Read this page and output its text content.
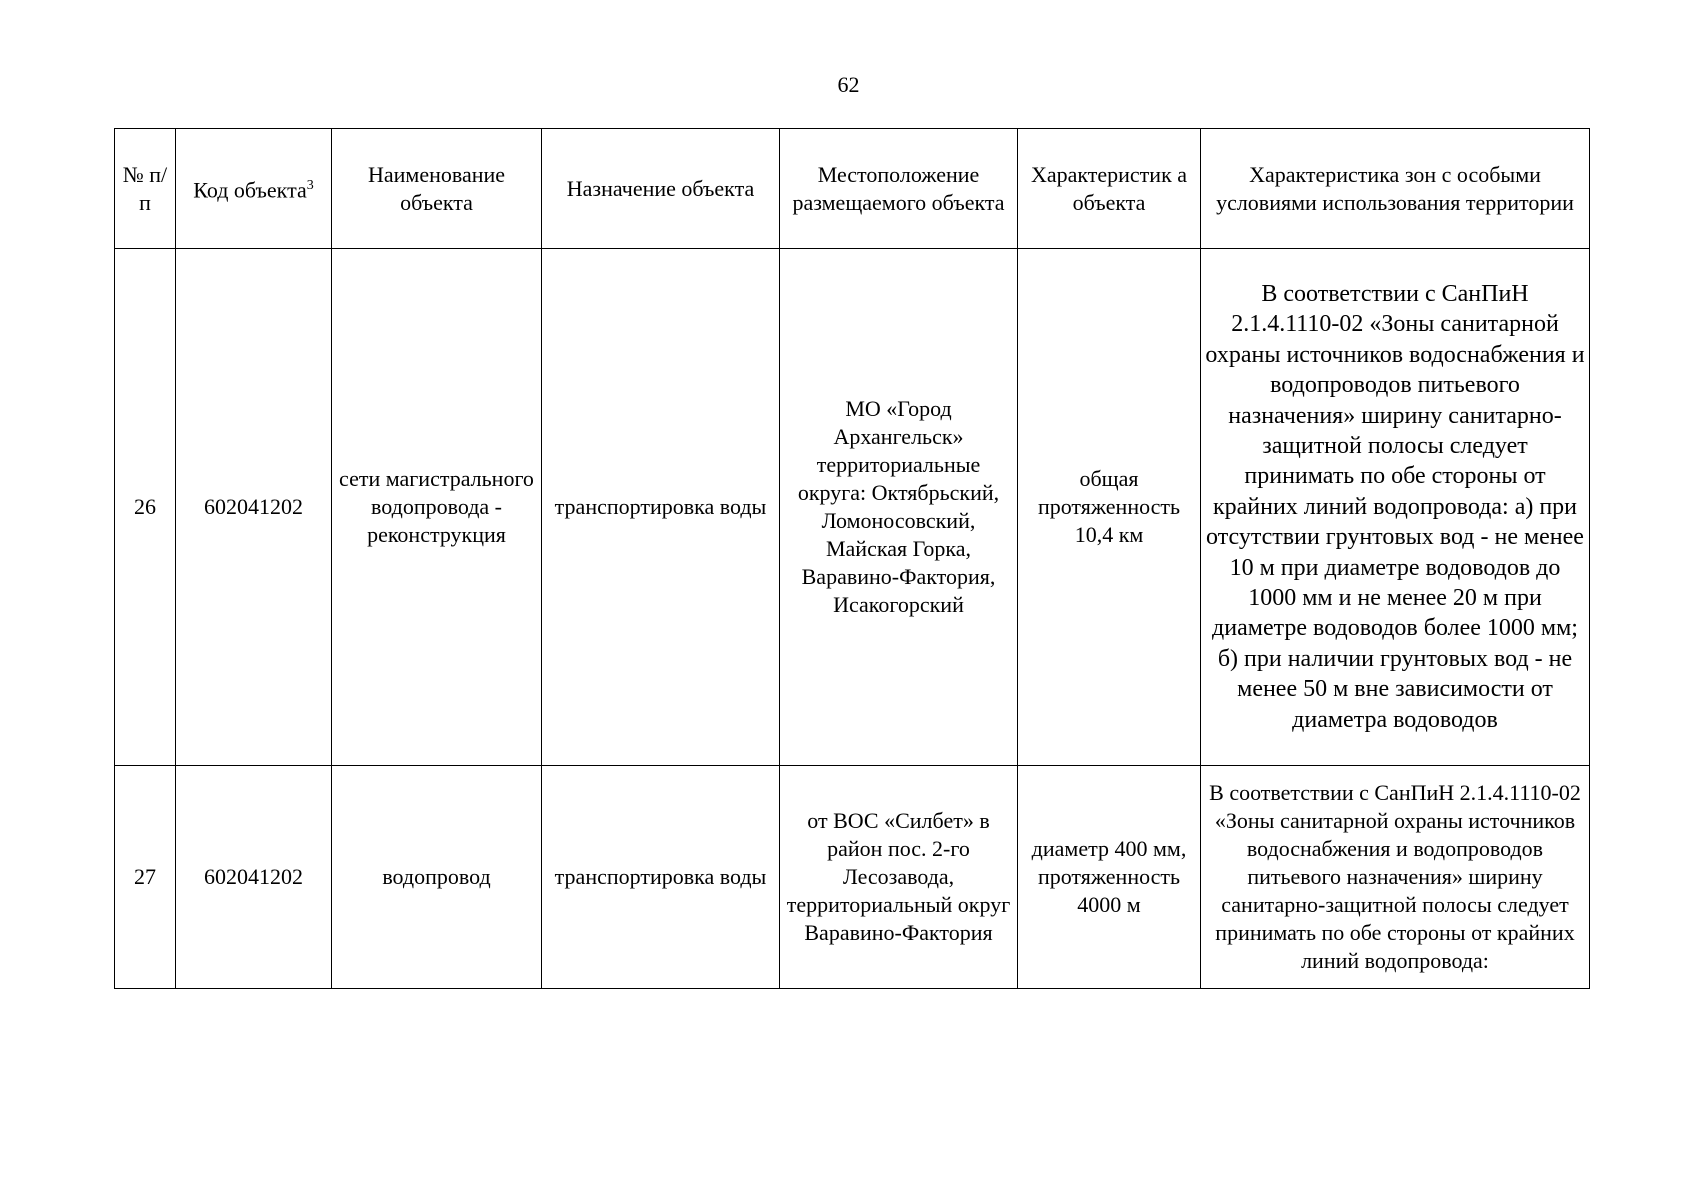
62
№ п/п	Код объекта$^3$	Наименование объекта	Назначение объекта	Местоположение размещаемого объекта	Характеристик а объекта	Характеристика зон с особыми условиями использования территории
26	602041202	сети магистрального водопровода - реконструкция	транспортировка воды	МО «Город Архангельск» территориальные округа: Октябрьский, Ломоносовский, Майская Горка, Варавино-Фактория, Исакогорский	общая протяженность 10,4 км	В соответствии с СанПиН 2.1.4.1110-02 «Зоны санитарной охраны источников водоснабжения и водопроводов питьевого назначения» ширину санитарно-защитной полосы следует принимать по обе стороны от крайних линий водопровода: а) при отсутствии грунтовых вод - не менее 10 м при диаметре водоводов до 1000 мм и не менее 20 м при диаметре водоводов более 1000 мм; б) при наличии грунтовых вод - не менее 50 м вне зависимости от диаметра водоводов
27	602041202	водопровод	транспортировка воды	от ВОС «Силбет» в район пос. 2-го Лесозавода, территориальный округ Варавино-Фактория	диаметр 400 мм, протяженность 4000 м	В соответствии с СанПиН 2.1.4.1110-02 «Зоны санитарной охраны источников водоснабжения и водопроводов питьевого назначения» ширину санитарно-защитной полосы следует принимать по обе стороны от крайних линий водопровода:
